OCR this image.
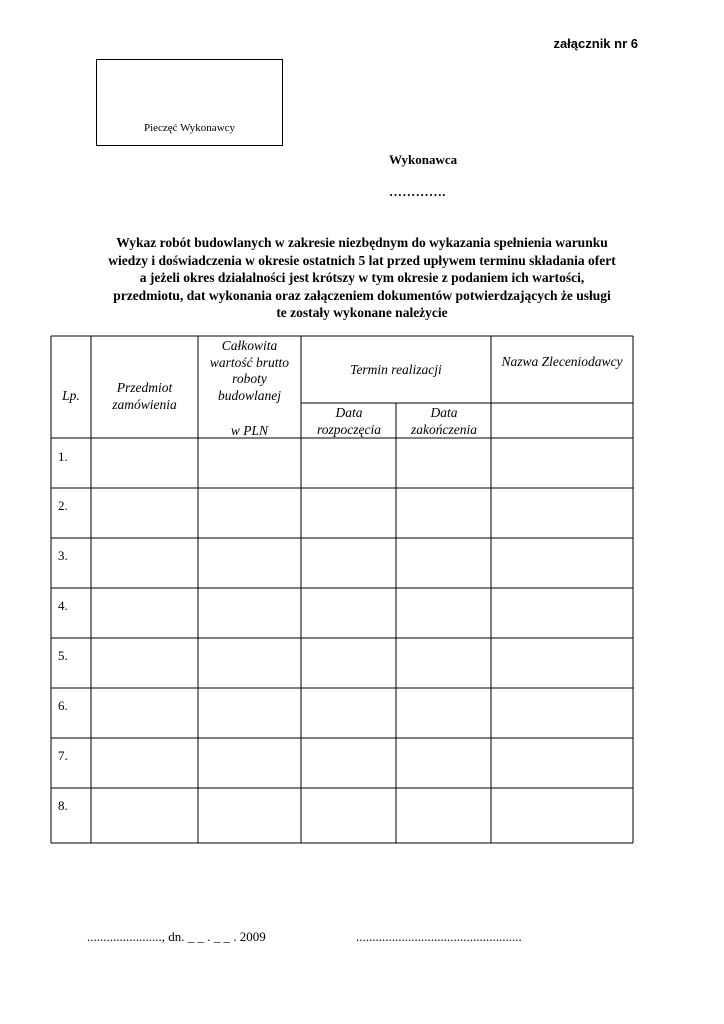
załącznik nr 6
Pieczęć Wykonawcy
Wykonawca
………….
Wykaz robót budowlanych w zakresie niezbędnym do wykazania spełnienia warunku
wiedzy i doświadczenia w okresie ostatnich 5 lat przed upływem terminu składania ofert
a jeżeli okres działalności jest krótszy w tym okresie z podaniem ich wartości,
przedmiotu, dat wykonania oraz załączeniem dokumentów potwierdzających że usługi
te zostały wykonane należycie
Lp.
Przedmiot zamówienia
Całkowita wartość brutto roboty budowlanej
w PLN
Termin realizacji
Data rozpoczęcia
Data zakończenia
Nazwa Zleceniodawcy
1.
2.
3.
4.
5.
6.
7.
8.
......................., dn. _ _ . _ _ . 2009	...................................................
